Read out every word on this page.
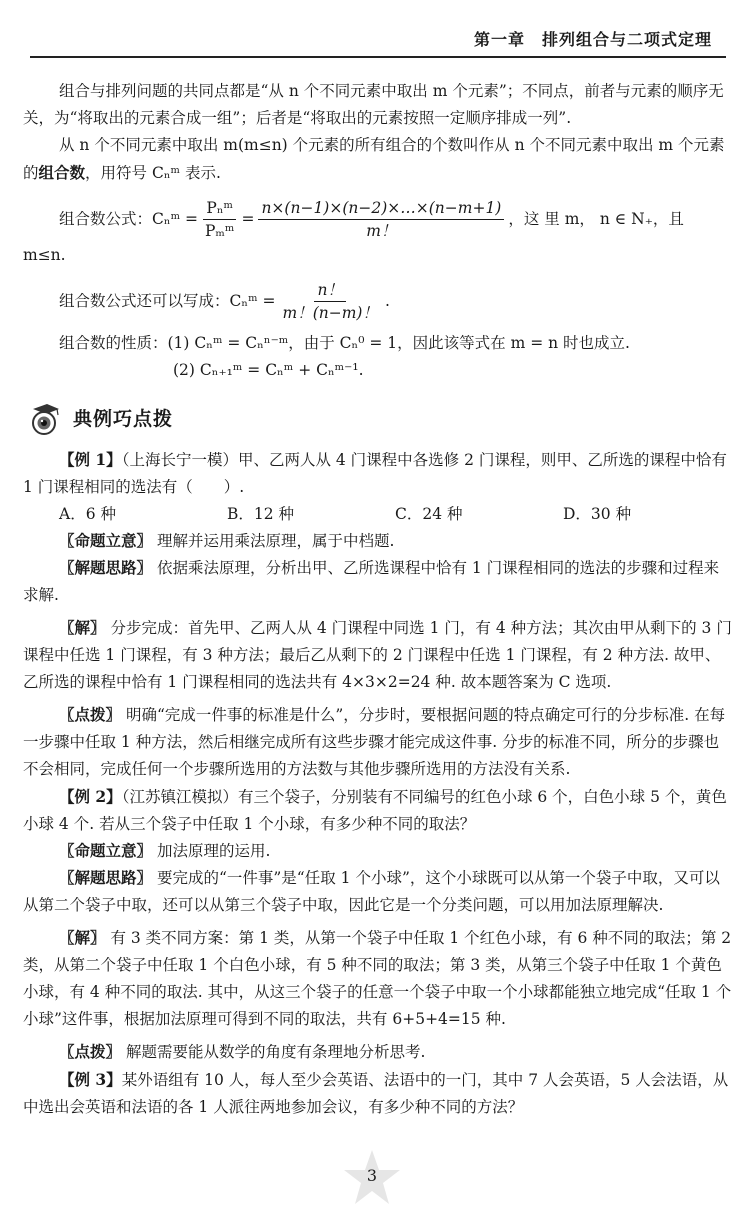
第一章　排列组合与二项式定理

组合与排列问题的共同点都是“从 n 个不同元素中取出 m 个元素”；不同点，前者与元素的顺序无关，为“将取出的元素合成一组”；后者是“将取出的元素按照一定顺序排成一列”.

从 n 个不同元素中取出 m(m≤n) 个元素的所有组合的个数叫作从 n 个不同元素中取出 m 个元素的组合数，用符号 Cₙᵐ 表示.

组合数公式：Cₙᵐ = $\frac{\text{Pₙᵐ}}{\text{Pₘᵐ}} = \frac{n\times(n-1)\times(n-2)\times\dots\times(n-m+1)}{m!}$ ，这 里 m， n ∈ N₊，且

m≤n.

组合数公式还可以写成：Cₙᵐ = $\frac{n!}{m!(n-m)!}$ .

组合数的性质：(1) Cₙᵐ = Cₙⁿ⁻ᵐ，由于 Cₙ⁰ = 1，因此该等式在 m = n 时也成立.

(2) Cₙ₊₁ᵐ = Cₙᵐ + Cₙᵐ⁻¹.

典例巧点拨

【例 1】（上海长宁一模）甲、乙两人从 4 门课程中各选修 2 门课程，则甲、乙所选的课程中恰有 1 门课程相同的选法有（　　）.

A．6 种	B．12 种	C．24 种	D．30 种

〖命题立意〗 理解并运用乘法原理，属于中档题.

〖解题思路〗 依据乘法原理，分析出甲、乙所选课程中恰有 1 门课程相同的选法的步骤和过程来求解.

〖解〗 分步完成：首先甲、乙两人从 4 门课程中同选 1 门，有 4 种方法；其次由甲从剩下的 3 门课程中任选 1 门课程，有 3 种方法；最后乙从剩下的 2 门课程中任选 1 门课程，有 2 种方法. 故甲、乙所选的课程中恰有 1 门课程相同的选法共有 4×3×2=24 种. 故本题答案为 C 选项.

〖点拨〗 明确“完成一件事的标准是什么”，分步时，要根据问题的特点确定可行的分步标准. 在每一步骤中任取 1 种方法，然后相继完成所有这些步骤才能完成这件事. 分步的标准不同，所分的步骤也不会相同，完成任何一个步骤所选用的方法数与其他步骤所选用的方法没有关系.

【例 2】（江苏镇江模拟）有三个袋子，分别装有不同编号的红色小球 6 个，白色小球 5 个，黄色小球 4 个. 若从三个袋子中任取 1 个小球，有多少种不同的取法？

〖命题立意〗 加法原理的运用.

〖解题思路〗 要完成的“一件事”是“任取 1 个小球”，这个小球既可以从第一个袋子中取，又可以从第二个袋子中取，还可以从第三个袋子中取，因此它是一个分类问题，可以用加法原理解决.

〖解〗 有 3 类不同方案：第 1 类，从第一个袋子中任取 1 个红色小球，有 6 种不同的取法；第 2 类，从第二个袋子中任取 1 个白色小球，有 5 种不同的取法；第 3 类，从第三个袋子中任取 1 个黄色小球，有 4 种不同的取法. 其中，从这三个袋子的任意一个袋子中取一个小球都能独立地完成“任取 1 个小球”这件事，根据加法原理可得到不同的取法，共有 6+5+4=15 种.

〖点拨〗 解题需要能从数学的角度有条理地分析思考.

【例 3】某外语组有 10 人，每人至少会英语、法语中的一门，其中 7 人会英语，5 人会法语，从中选出会英语和法语的各 1 人派往两地参加会议，有多少种不同的方法？

3
